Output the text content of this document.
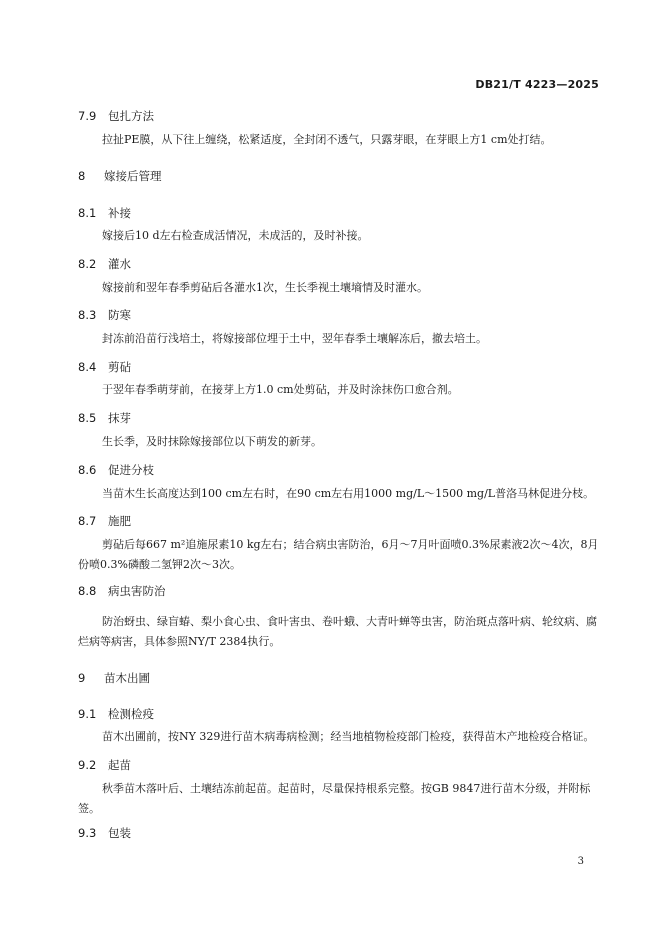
DB21/T 4223—2025
7.9 包扎方法
拉扯PE膜，从下往上缠绕，松紧适度，全封闭不透气，只露芽眼，在芽眼上方1 cm处打结。
8 嫁接后管理
8.1 补接
嫁接后10 d左右检查成活情况，未成活的，及时补接。
8.2 灌水
嫁接前和翌年春季剪砧后各灌水1次，生长季视土壤墒情及时灌水。
8.3 防寒
封冻前沿苗行浅培土，将嫁接部位埋于土中，翌年春季土壤解冻后，撤去培土。
8.4 剪砧
于翌年春季萌芽前，在接芽上方1.0 cm处剪砧，并及时涂抹伤口愈合剂。
8.5 抹芽
生长季，及时抹除嫁接部位以下萌发的新芽。
8.6 促进分枝
当苗木生长高度达到100 cm左右时，在90 cm左右用1000 mg/L～1500 mg/L普洛马林促进分枝。
8.7 施肥
剪砧后每667 m²追施尿素10 kg左右；结合病虫害防治，6月～7月叶面喷0.3%尿素液2次～4次，8月份喷0.3%磷酸二氢钾2次～3次。
8.8 病虫害防治
防治蚜虫、绿盲蝽、梨小食心虫、食叶害虫、卷叶蛾、大青叶蝉等虫害，防治斑点落叶病、轮纹病、腐烂病等病害，具体参照NY/T 2384执行。
9 苗木出圃
9.1 检测检疫
苗木出圃前，按NY 329进行苗木病毒病检测；经当地植物检疫部门检疫，获得苗木产地检疫合格证。
9.2 起苗
秋季苗木落叶后、土壤结冻前起苗。起苗时，尽量保持根系完整。按GB 9847进行苗木分级，并附标签。
9.3 包装
3
